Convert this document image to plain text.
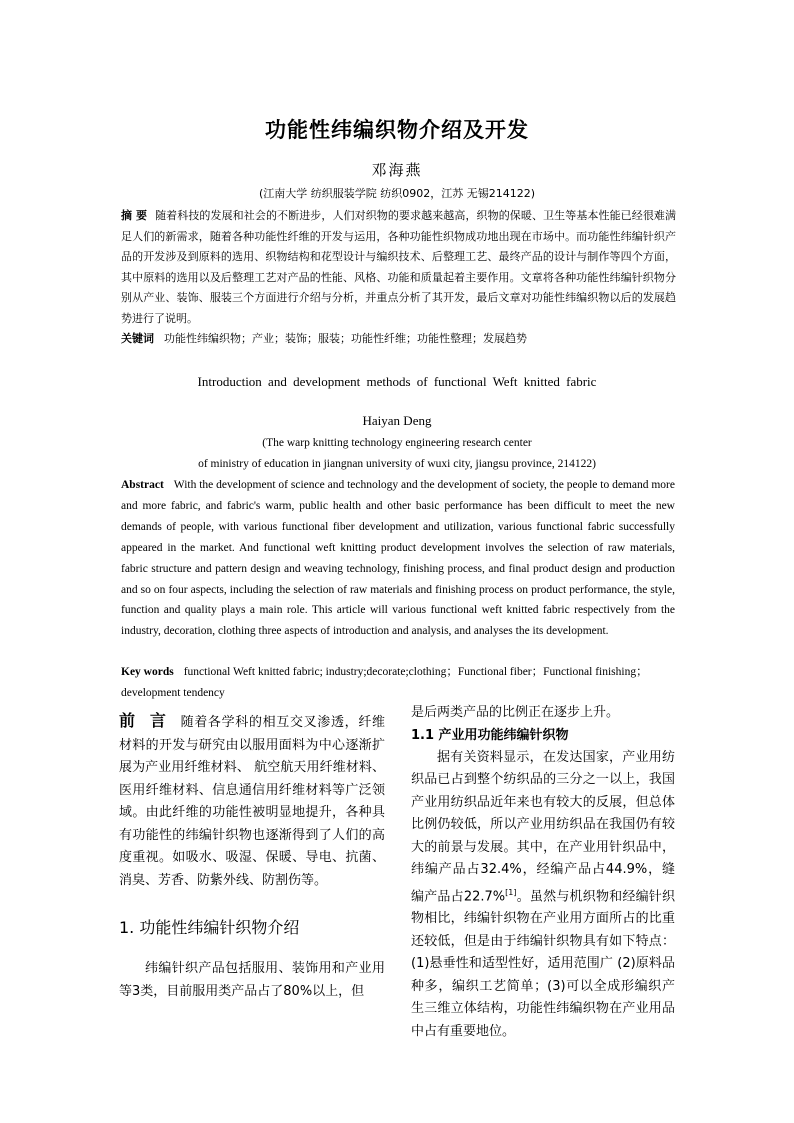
功能性纬编织物介绍及开发
邓海燕
(江南大学 纺织服装学院 纺织0902，江苏 无锡214122)
摘 要 随着科技的发展和社会的不断进步，人们对织物的要求越来越高，织物的保暖、卫生等基本性能已经很难满足人们的新需求，随着各种功能性纤维的开发与运用，各种功能性织物成功地出现在市场中。而功能性纬编针织产品的开发涉及到原料的选用、织物结构和花型设计与编织技术、后整理工艺、最终产品的设计与制作等四个方面，其中原料的选用以及后整理工艺对产品的性能、风格、功能和质量起着主要作用。文章将各种功能性纬编针织物分别从产业、装饰、服装三个方面进行介绍与分析，并重点分析了其开发，最后文章对功能性纬编织物以后的发展趋势进行了说明。
关键词 功能性纬编织物；产业；装饰；服装；功能性纤维；功能性整理；发展趋势
Introduction and development methods of functional Weft knitted fabric
Haiyan Deng
(The warp knitting technology engineering research center
of ministry of education in jiangnan university of wuxi city, jiangsu province, 214122)
Abstract With the development of science and technology and the development of society, the people to demand more and more fabric, and fabric's warm, public health and other basic performance has been difficult to meet the new demands of people, with various functional fiber development and utilization, various functional fabric successfully appeared in the market. And functional weft knitting product development involves the selection of raw materials, fabric structure and pattern design and weaving technology, finishing process, and final product design and production and so on four aspects, including the selection of raw materials and finishing process on product performance, the style, function and quality plays a main role. This article will various functional weft knitted fabric respectively from the industry, decoration, clothing three aspects of introduction and analysis, and analyses the its development.
Key words functional Weft knitted fabric; industry;decorate;clothing；Functional fiber；Functional finishing；development tendency

前 言 随着各学科的相互交叉渗透，纤维材料的开发与研究由以服用面料为中心逐渐扩展为产业用纤维材料、 航空航天用纤维材料、医用纤维材料、信息通信用纤维材料等广泛领域。由此纤维的功能性被明显地提升，各种具有功能性的纬编针织物也逐渐得到了人们的高度重视。如吸水、吸湿、保暖、导电、抗菌、消臭、芳香、防紫外线、防割伤等。

1. 功能性纬编针织物介绍

纬编针织产品包括服用、装饰用和产业用等3类，目前服用类产品占了80%以上，但

是后两类产品的比例正在逐步上升。

1.1 产业用功能纬编针织物

据有关资料显示，在发达国家，产业用纺织品已占到整个纺织品的三分之一以上，我国产业用纺织品近年来也有较大的反展，但总体比例仍较低，所以产业用纺织品在我国仍有较大的前景与发展。其中，在产业用针织品中，纬编产品占32.4%，经编产品占44.9%，缝编产品占22.7%[1]。虽然与机织物和经编针织物相比，纬编针织物在产业用方面所占的比重还较低，但是由于纬编针织物具有如下特点：(1)悬垂性和适型性好，适用范围广 (2)原料品种多，编织工艺简单；(3)可以全成形编织产生三维立体结构，功能性纬编织物在产业用品中占有重要地位。
